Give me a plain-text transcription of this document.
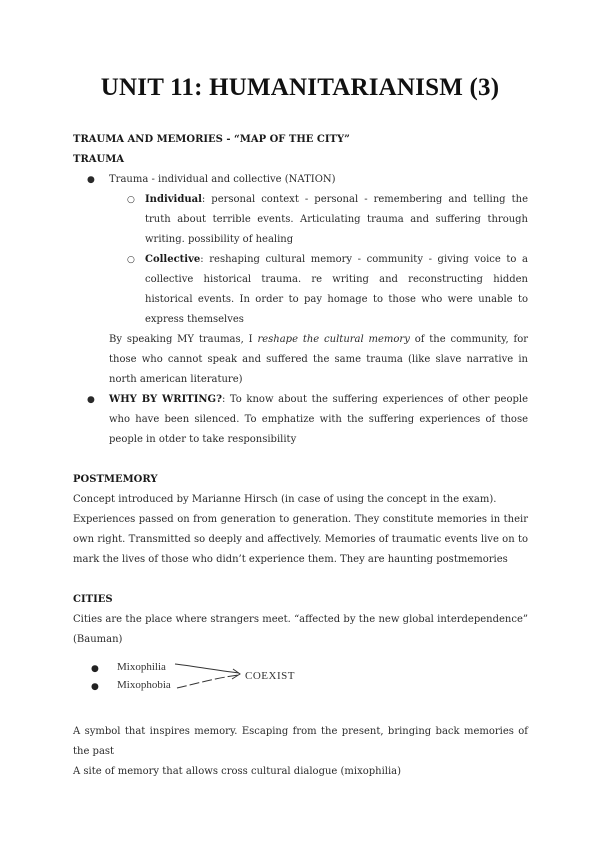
UNIT 11: HUMANITARIANISM (3)
TRAUMA AND MEMORIES - “MAP OF THE CITY”
TRAUMA
● Trauma - individual and collective (NATION)
○ Individual: personal context - personal - remembering and telling the truth about terrible events. Articulating trauma and suffering through writing. possibility of healing
○ Collective: reshaping cultural memory - community - giving voice to a collective historical trauma. re writing and reconstructing hidden historical events. In order to pay homage to those who were unable to express themselves
By speaking MY traumas, I reshape the cultural memory of the community, for those who cannot speak and suffered the same trauma (like slave narrative in north american literature)
● WHY BY WRITING?: To know about the suffering experiences of other people who have been silenced. To emphatize with the suffering experiences of those people in otder to take responsibility
POSTMEMORY
Concept introduced by Marianne Hirsch (in case of using the concept in the exam).
Experiences passed on from generation to generation. They constitute memories in their own right. Transmitted so deeply and affectively. Memories of traumatic events live on to mark the lives of those who didn’t experience them. They are haunting postmemories
CITIES
Cities are the place where strangers meet. “affected by the new global interdependence” (Bauman)
● Mixophilia
● Mixophobia
COEXIST
A symbol that inspires memory. Escaping from the present, bringing back memories of the past
A site of memory that allows cross cultural dialogue (mixophilia)
